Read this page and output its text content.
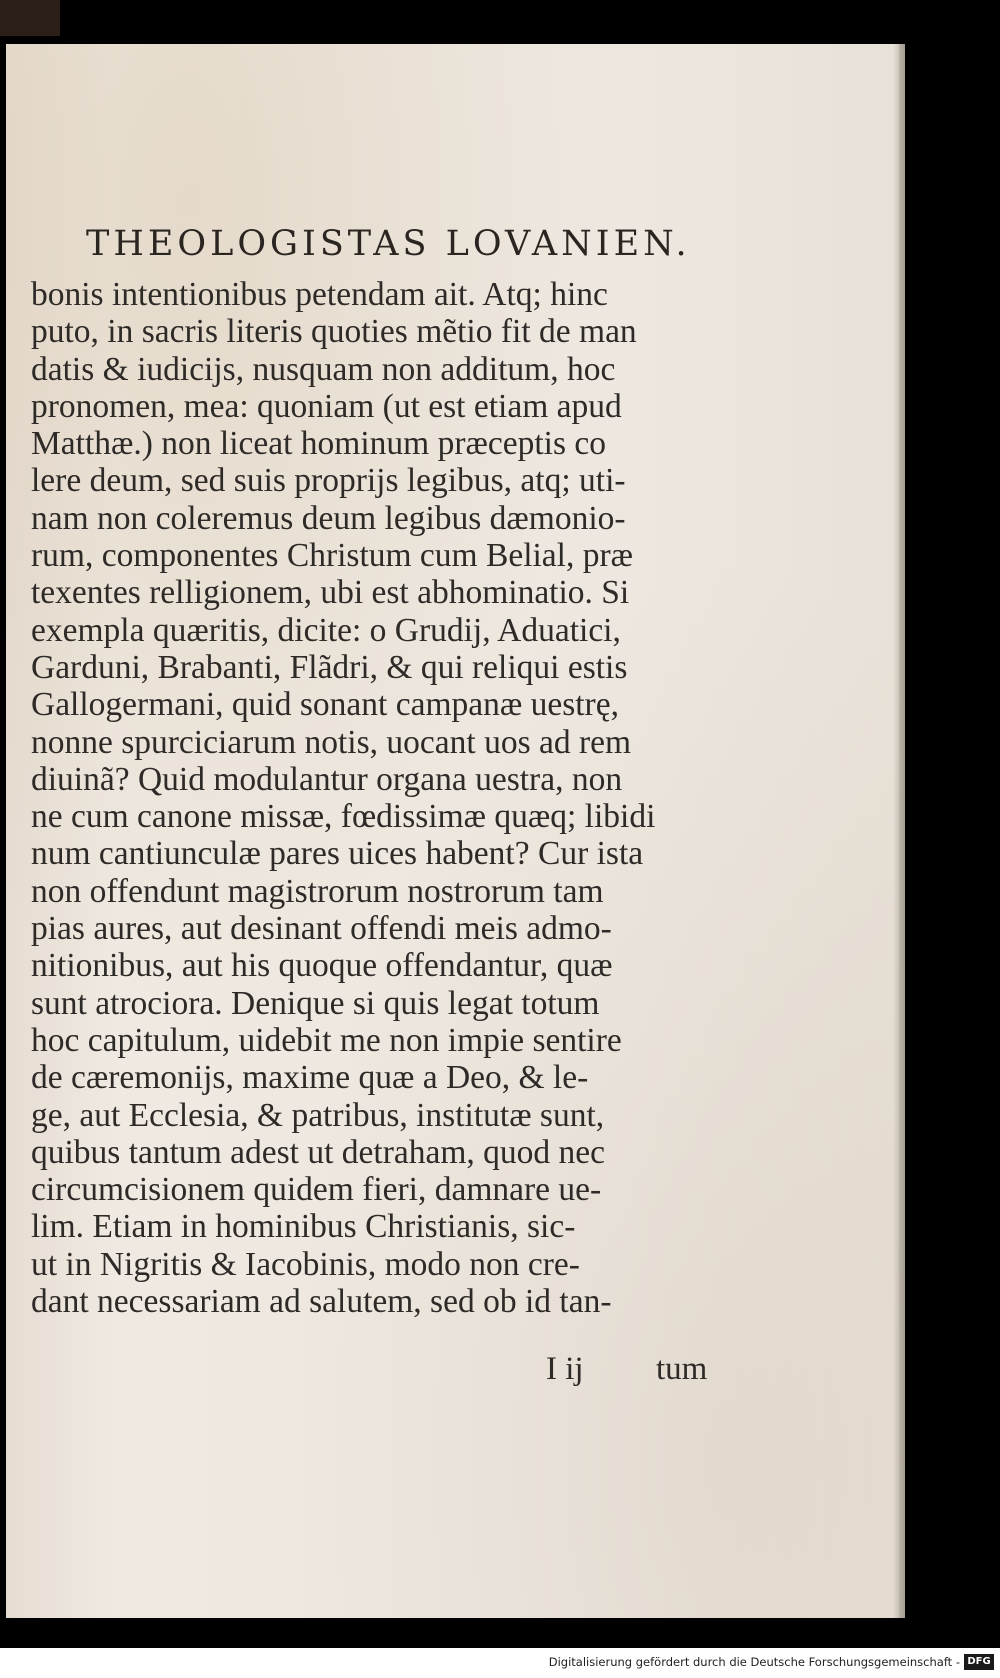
THEOLOGISTAS LOVANIEN.
bonis intentionibus petendam ait. Atq; hinc
puto, in sacris literis quoties mẽtio fit de man
datis & iudicijs, nusquam non additum, hoc
pronomen, mea: quoniam (ut est etiam apud
Matthæ.) non liceat hominum præceptis co
lere deum, sed suis proprijs legibus, atq; uti-
nam non coleremus deum legibus dæmonio-
rum, componentes Christum cum Belial, præ
texentes relligionem, ubi est abhominatio. Si
exempla quæritis, dicite: o Grudij, Aduatici,
Garduni, Brabanti, Flãdri, & qui reliqui estis
Gallogermani, quid sonant campanæ uestrę,
nonne spurciciarum notis, uocant uos ad rem
diuinã? Quid modulantur organa uestra, non
ne cum canone missæ, fœdissimæ quæq; libidi
num cantiunculæ pares uices habent? Cur ista
non offendunt magistrorum nostrorum tam
pias aures, aut desinant offendi meis admo-
nitionibus, aut his quoque offendantur, quæ
sunt atrociora. Denique si quis legat totum
hoc capitulum, uidebit me non impie sentire
de cæremonijs, maxime quæ a Deo, & le-
ge, aut Ecclesia, & patribus, institutæ sunt,
quibus tantum adest ut detraham, quod nec
circumcisionem quidem fieri, damnare ue-
lim. Etiam in hominibus Christianis, sic-
ut in Nigritis & Iacobinis, modo non cre-
dant necessariam ad salutem, sed ob id tan-
I ij tum
Digitalisierung gefördert durch die Deutsche Forschungsgemeinschaft - DFG
